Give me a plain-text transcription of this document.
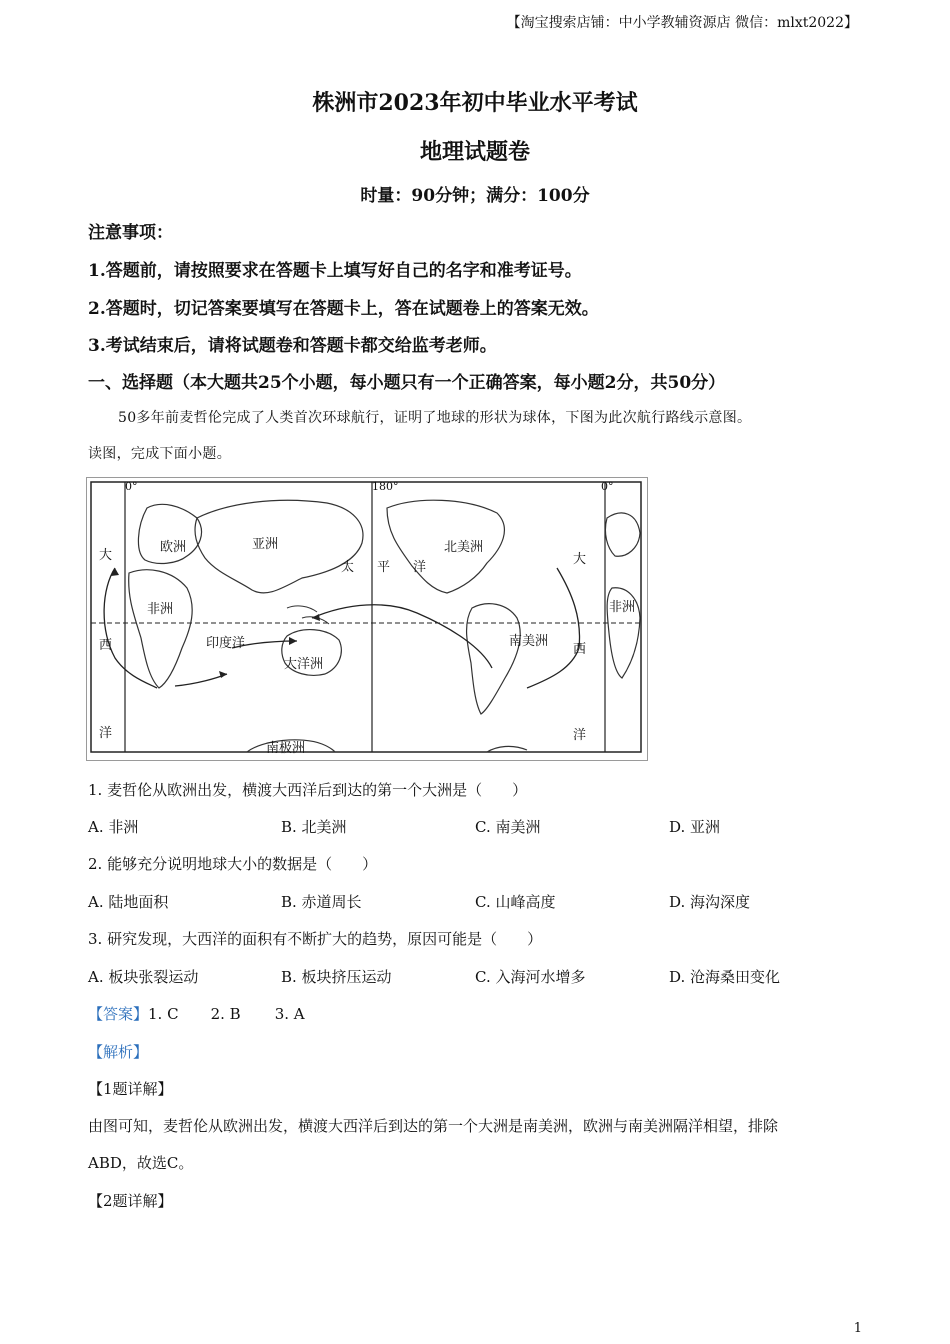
【淘宝搜索店铺：中小学教辅资源店 微信：mlxt2022】
株洲市2023年初中毕业水平考试
地理试题卷
时量：90分钟；满分：100分
注意事项：
1.答题前，请按照要求在答题卡上填写好自己的名字和准考证号。
2.答题时，切记答案要填写在答题卡上，答在试题卷上的答案无效。
3.考试结束后，请将试题卷和答题卡都交给监考老师。
一、选择题（本大题共25个小题，每小题只有一个正确答案，每小题2分，共50分）
50多年前麦哲伦完成了人类首次环球航行，证明了地球的形状为球体，下图为此次航行路线示意图。
读图，完成下面小题。
0°	180°	0°
欧洲	亚洲
非洲
印度洋
大洋洲
太 平 洋
北美洲
南美洲
南极洲
非洲
大
西
洋
大
西
洋
1. 麦哲伦从欧洲出发，横渡大西洋后到达的第一个大洲是（　　）
A. 非洲	B. 北美洲	C. 南美洲	D. 亚洲
2. 能够充分说明地球大小的数据是（　　）
A. 陆地面积	B. 赤道周长	C. 山峰高度	D. 海沟深度
3. 研究发现，大西洋的面积有不断扩大的趋势，原因可能是（　　）
A. 板块张裂运动	B. 板块挤压运动	C. 入海河水增多	D. 沧海桑田变化
【答案】1. C 2. B 3. A
【解析】
【1题详解】
由图可知，麦哲伦从欧洲出发，横渡大西洋后到达的第一个大洲是南美洲，欧洲与南美洲隔洋相望，排除
ABD，故选C。
【2题详解】
1
